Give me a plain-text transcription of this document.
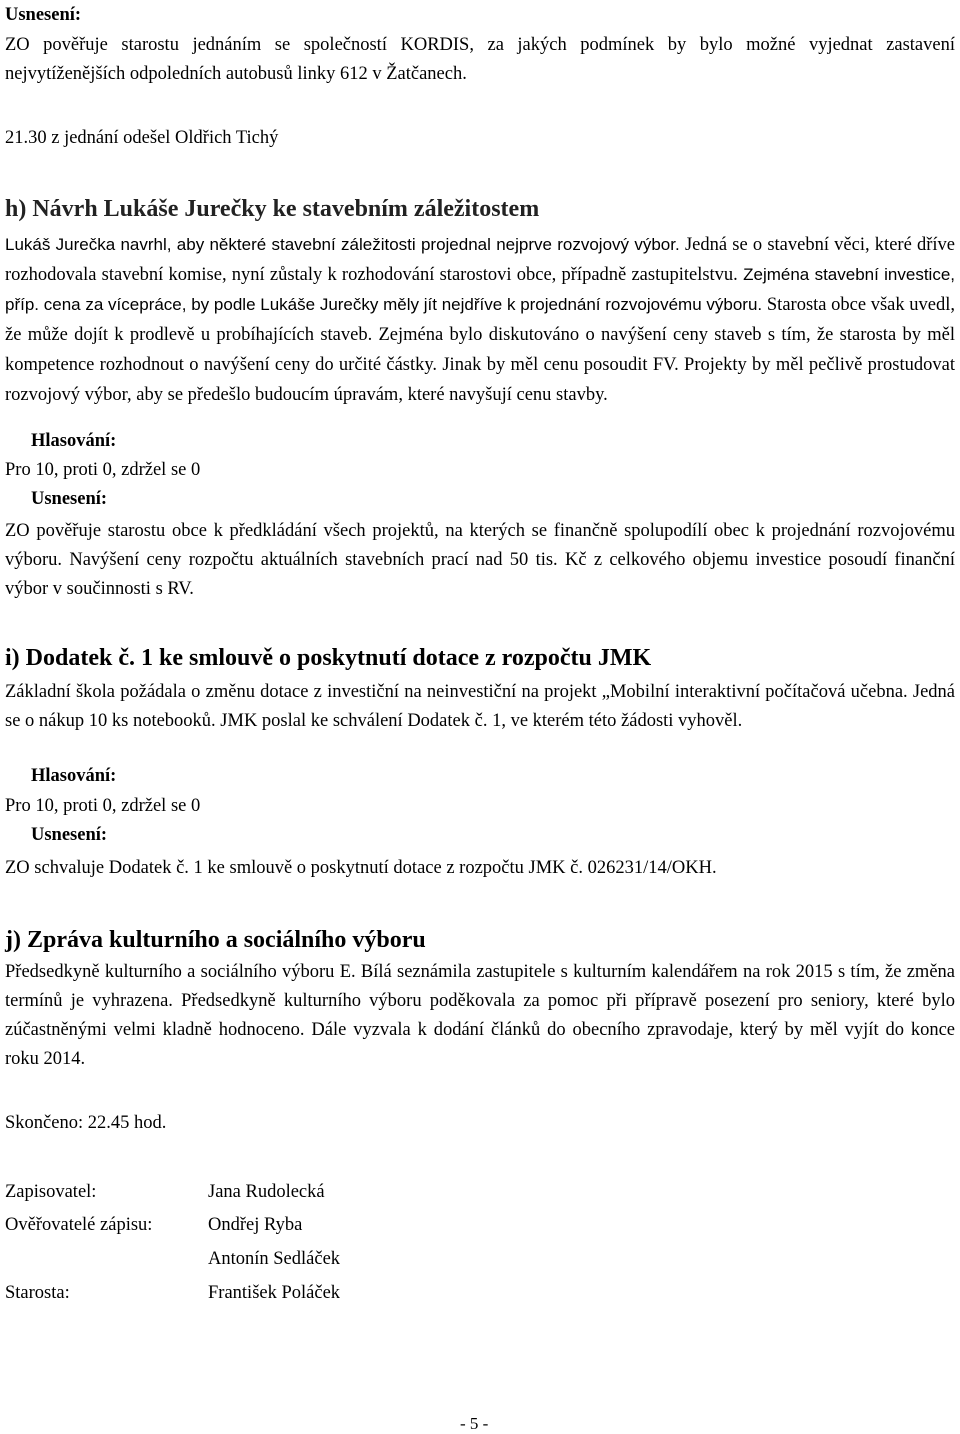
Usnesení:
ZO pověřuje starostu jednáním se společností KORDIS, za jakých podmínek by bylo možné vyjednat zastavení nejvytíženějších odpoledních autobusů linky 612 v Žatčanech.
21.30 z jednání odešel Oldřich Tichý
h) Návrh Lukáše Jurečky ke stavebním záležitostem
Lukáš Jurečka navrhl, aby některé stavební záležitosti projednal nejprve rozvojový výbor. Jedná se o stavební věci, které dříve rozhodovala stavební komise, nyní zůstaly k rozhodování starostovi obce, případně zastupitelstvu. Zejména stavební investice, příp. cena za vícepráce, by podle Lukáše Jurečky měly jít nejdříve k projednání rozvojovému výboru. Starosta obce však uvedl, že může dojít k prodlevě u probíhajících staveb. Zejména bylo diskutováno o navýšení ceny staveb s tím, že starosta by měl kompetence rozhodnout o navýšení ceny do určité částky. Jinak by měl cenu posoudit FV. Projekty by měl pečlivě prostudovat rozvojový výbor, aby se předešlo budoucím úpravám, které navyšují cenu stavby.
Hlasování:
Pro 10, proti 0, zdržel se 0
Usnesení:
ZO pověřuje starostu obce k předkládání všech projektů, na kterých se finančně spolupodílí obec k projednání rozvojovému výboru. Navýšení ceny rozpočtu aktuálních stavebních prací nad 50 tis. Kč z celkového objemu investice posoudí finanční výbor v součinnosti s RV.
i) Dodatek č. 1 ke smlouvě o poskytnutí dotace z rozpočtu JMK
Základní škola požádala o změnu dotace z investiční na neinvestiční na projekt „Mobilní interaktivní počítačová učebna. Jedná se o nákup 10 ks notebooků. JMK poslal ke schválení Dodatek č. 1, ve kterém této žádosti vyhověl.
Hlasování:
Pro 10, proti 0, zdržel se 0
Usnesení:
ZO schvaluje Dodatek č. 1 ke smlouvě o poskytnutí dotace z rozpočtu JMK č. 026231/14/OKH.
j) Zpráva kulturního a sociálního výboru
Předsedkyně kulturního a sociálního výboru E. Bílá seznámila zastupitele s kulturním kalendářem na rok 2015 s tím, že změna termínů je vyhrazena. Předsedkyně kulturního výboru poděkovala za pomoc při přípravě posezení pro seniory, které bylo zúčastněnými velmi kladně hodnoceno. Dále vyzvala k dodání článků do obecního zpravodaje, který by měl vyjít do konce roku 2014.
Skončeno: 22.45 hod.
Zapisovatel:	Jana Rudolecká
Ověřovatelé zápisu:	Ondřej Ryba
Antonín Sedláček
Starosta:	František Poláček
- 5 -
